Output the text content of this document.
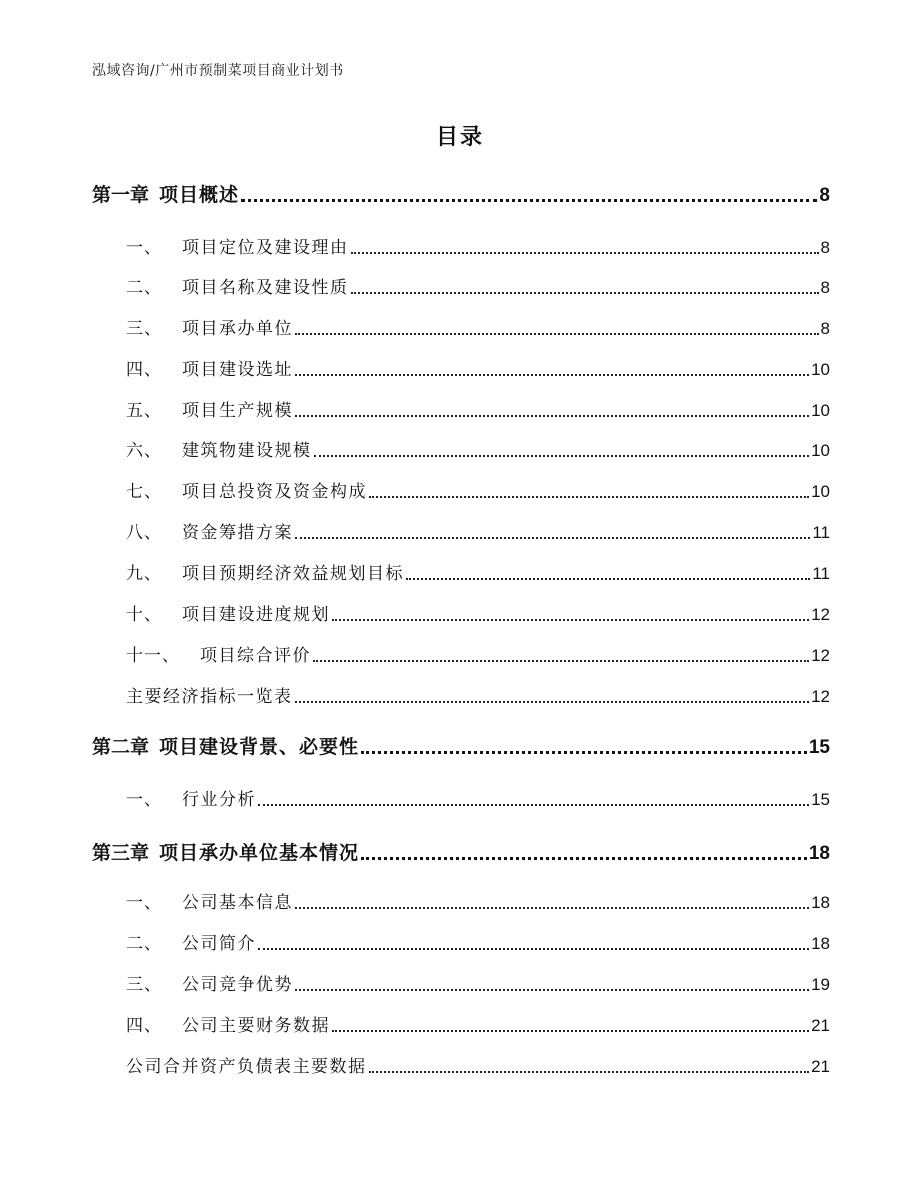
泓域咨询/广州市预制菜项目商业计划书
目录
第一章 项目概述	8
一、 项目定位及建设理由	8
二、 项目名称及建设性质	8
三、 项目承办单位	8
四、 项目建设选址	10
五、 项目生产规模	10
六、 建筑物建设规模	10
七、 项目总投资及资金构成	10
八、 资金筹措方案	11
九、 项目预期经济效益规划目标	11
十、 项目建设进度规划	12
十一、 项目综合评价	12
主要经济指标一览表	12
第二章 项目建设背景、必要性	15
一、 行业分析	15
第三章 项目承办单位基本情况	18
一、 公司基本信息	18
二、 公司简介	18
三、 公司竞争优势	19
四、 公司主要财务数据	21
公司合并资产负债表主要数据	21
